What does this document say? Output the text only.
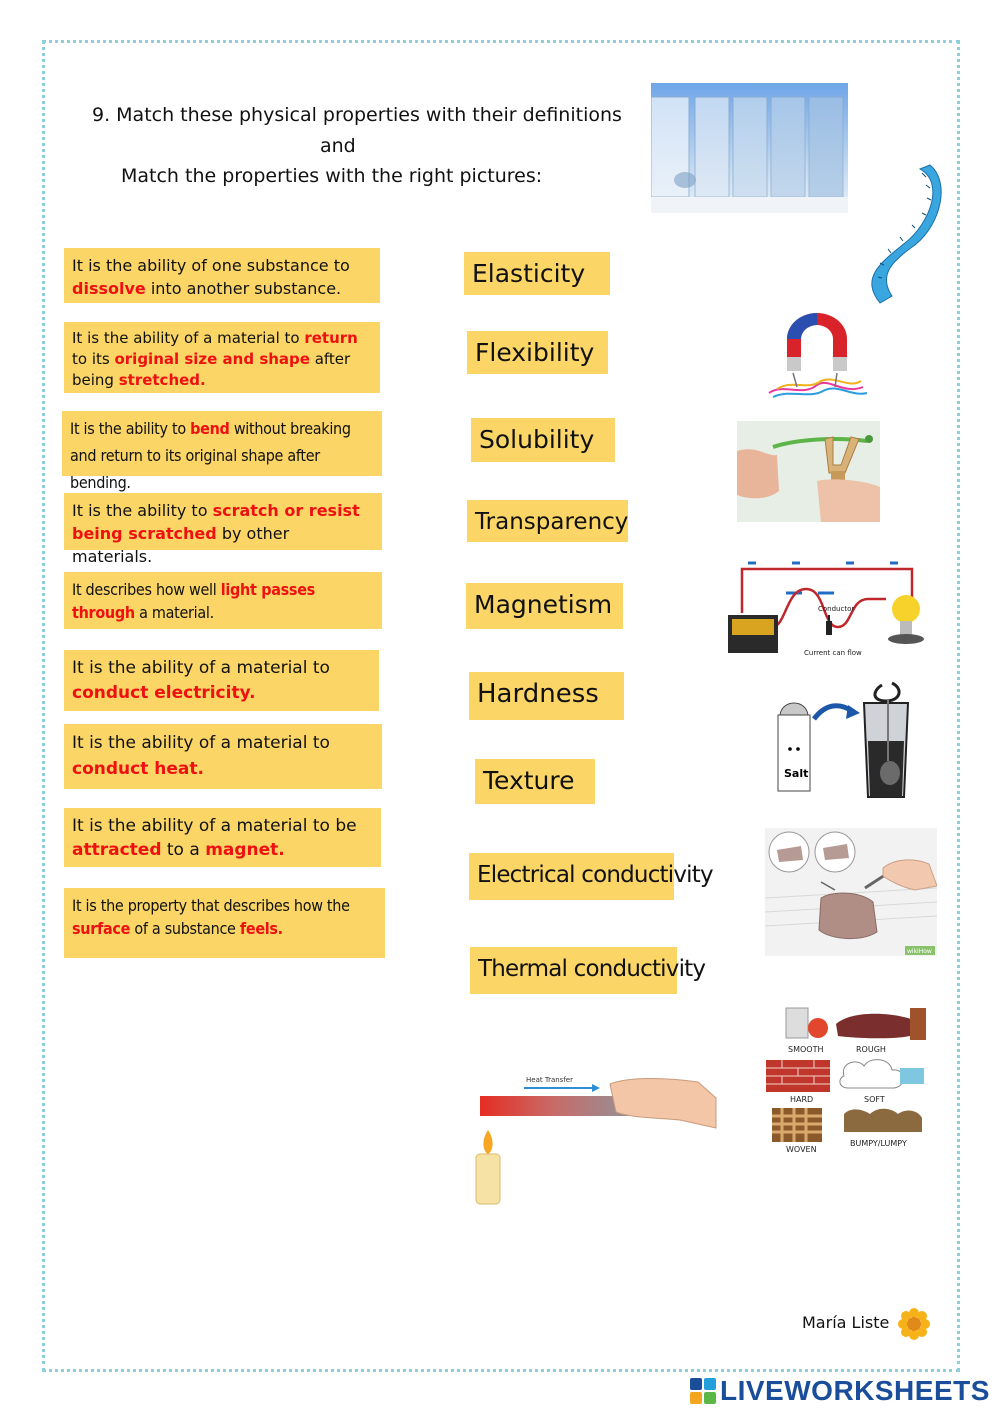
9. Match these physical properties with their definitions
and
Match the properties with the right pictures:
It is the ability of one substance to dissolve into another substance.
It is the ability of a material to return to its original size and shape after being stretched.
It is the ability to bend without breaking and return to its original shape after bending.
It is the ability to scratch or resist being scratched by other materials.
It describes how well light passes through a material.
It is the ability of a material to conduct electricity.
It is the ability of a material to conduct heat.
It is the ability of a material to be attracted to a magnet.
It is the property that describes how the surface of a substance feels.
Elasticity
Flexibility
Solubility
Transparency
Magnetism
Hardness
Texture
Electrical conductivity
Thermal conductivity
Conductor
Current can flow
Salt
wikiHow
SMOOTH	ROUGH
HARD	SOFT
WOVEN
BUMPY/LUMPY
Heat Transfer
María Liste
LIVEWORKSHEETS
